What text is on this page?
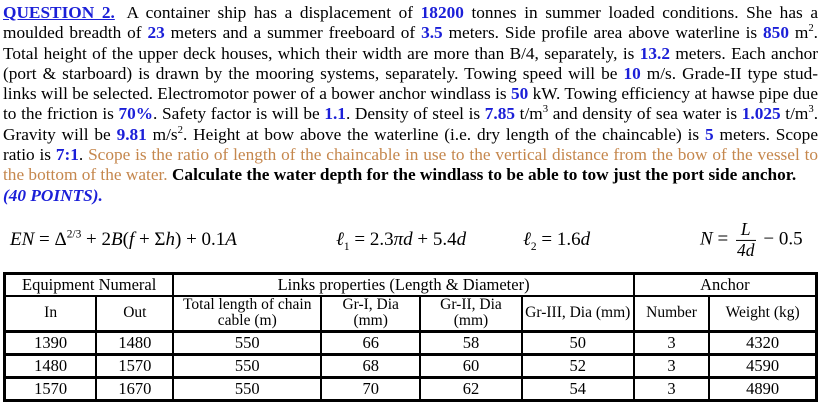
QUESTION 2. A container ship has a displacement of 18200 tonnes in summer loaded conditions. She has a moulded breadth of 23 meters and a summer freeboard of 3.5 meters. Side profile area above waterline is 850 $m^2$. Total height of the upper deck houses, which their width are more than B/4, separately, is 13.2 meters. Each anchor (port & starboard) is drawn by the mooring systems, separately. Towing speed will be 10 m/s. Grade-II type stud-links will be selected. Electromotor power of a bower anchor windlass is 50 kW. Towing efficiency at hawse pipe due to the friction is 70%. Safety factor is will be 1.1. Density of steel is 7.85 $t/m^3$ and density of sea water is 1.025 $t/m^3$. Gravity will be 9.81 $m/s^2$. Height at bow above the waterline (i.e. dry length of the chaincable) is 5 meters. Scope ratio is 7:1. Scope is the ratio of length of the chaincable in use to the vertical distance from the bow of the vessel to the bottom of the water. Calculate the water depth for the windlass to be able to tow just the port side anchor.
(40 POINTS).

EN = $\Delta^{2/3} + 2B(f + \Sigma h) + 0.1A$	ℓ$_1$ = 2.3πd + 5.4d	ℓ$_2$ = 1.6d	$N = \frac{L}{4d} - 0.5$
Equipment Numeral		Links properties (Length & Diameter)				Anchor	
In	Out	Total length of chain cable (m)	Gr-I, Dia (mm)	Gr-II, Dia (mm)	Gr-III, Dia (mm)	Number	Weight (kg)
1390	1480	550	66	58	50	3	4320
1480	1570	550	68	60	52	3	4590
1570	1670	550	70	62	54	3	4890
